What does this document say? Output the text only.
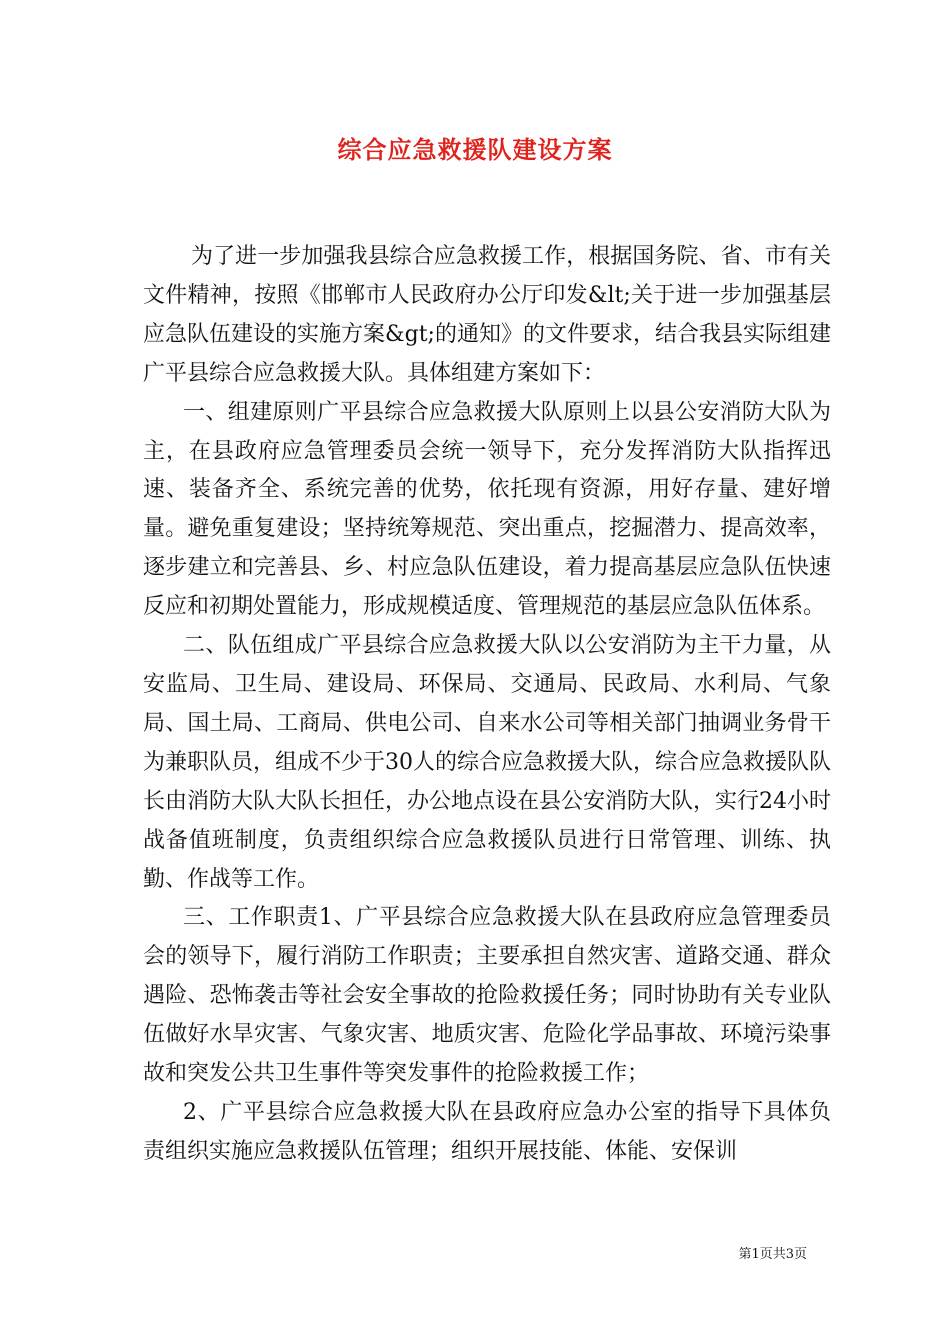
综合应急救援队建设方案

为了进一步加强我县综合应急救援工作，根据国务院、省、市有关文件精神，按照《邯郸市人民政府办公厅印发&lt;关于进一步加强基层应急队伍建设的实施方案&gt;的通知》的文件要求，结合我县实际组建广平县综合应急救援大队。具体组建方案如下：

一、组建原则广平县综合应急救援大队原则上以县公安消防大队为主，在县政府应急管理委员会统一领导下，充分发挥消防大队指挥迅速、装备齐全、系统完善的优势，依托现有资源，用好存量、建好增量。避免重复建设；坚持统筹规范、突出重点，挖掘潜力、提高效率，逐步建立和完善县、乡、村应急队伍建设，着力提高基层应急队伍快速反应和初期处置能力，形成规模适度、管理规范的基层应急队伍体系。

二、队伍组成广平县综合应急救援大队以公安消防为主干力量，从安监局、卫生局、建设局、环保局、交通局、民政局、水利局、气象局、国土局、工商局、供电公司、自来水公司等相关部门抽调业务骨干为兼职队员，组成不少于30人的综合应急救援大队，综合应急救援队队长由消防大队大队长担任，办公地点设在县公安消防大队，实行24小时战备值班制度，负责组织综合应急救援队员进行日常管理、训练、执勤、作战等工作。

三、工作职责1、广平县综合应急救援大队在县政府应急管理委员会的领导下，履行消防工作职责；主要承担自然灾害、道路交通、群众遇险、恐怖袭击等社会安全事故的抢险救援任务；同时协助有关专业队伍做好水旱灾害、气象灾害、地质灾害、危险化学品事故、环境污染事故和突发公共卫生事件等突发事件的抢险救援工作；

2、广平县综合应急救援大队在县政府应急办公室的指导下具体负责组织实施应急救援队伍管理；组织开展技能、体能、安保训

第1页共3页
